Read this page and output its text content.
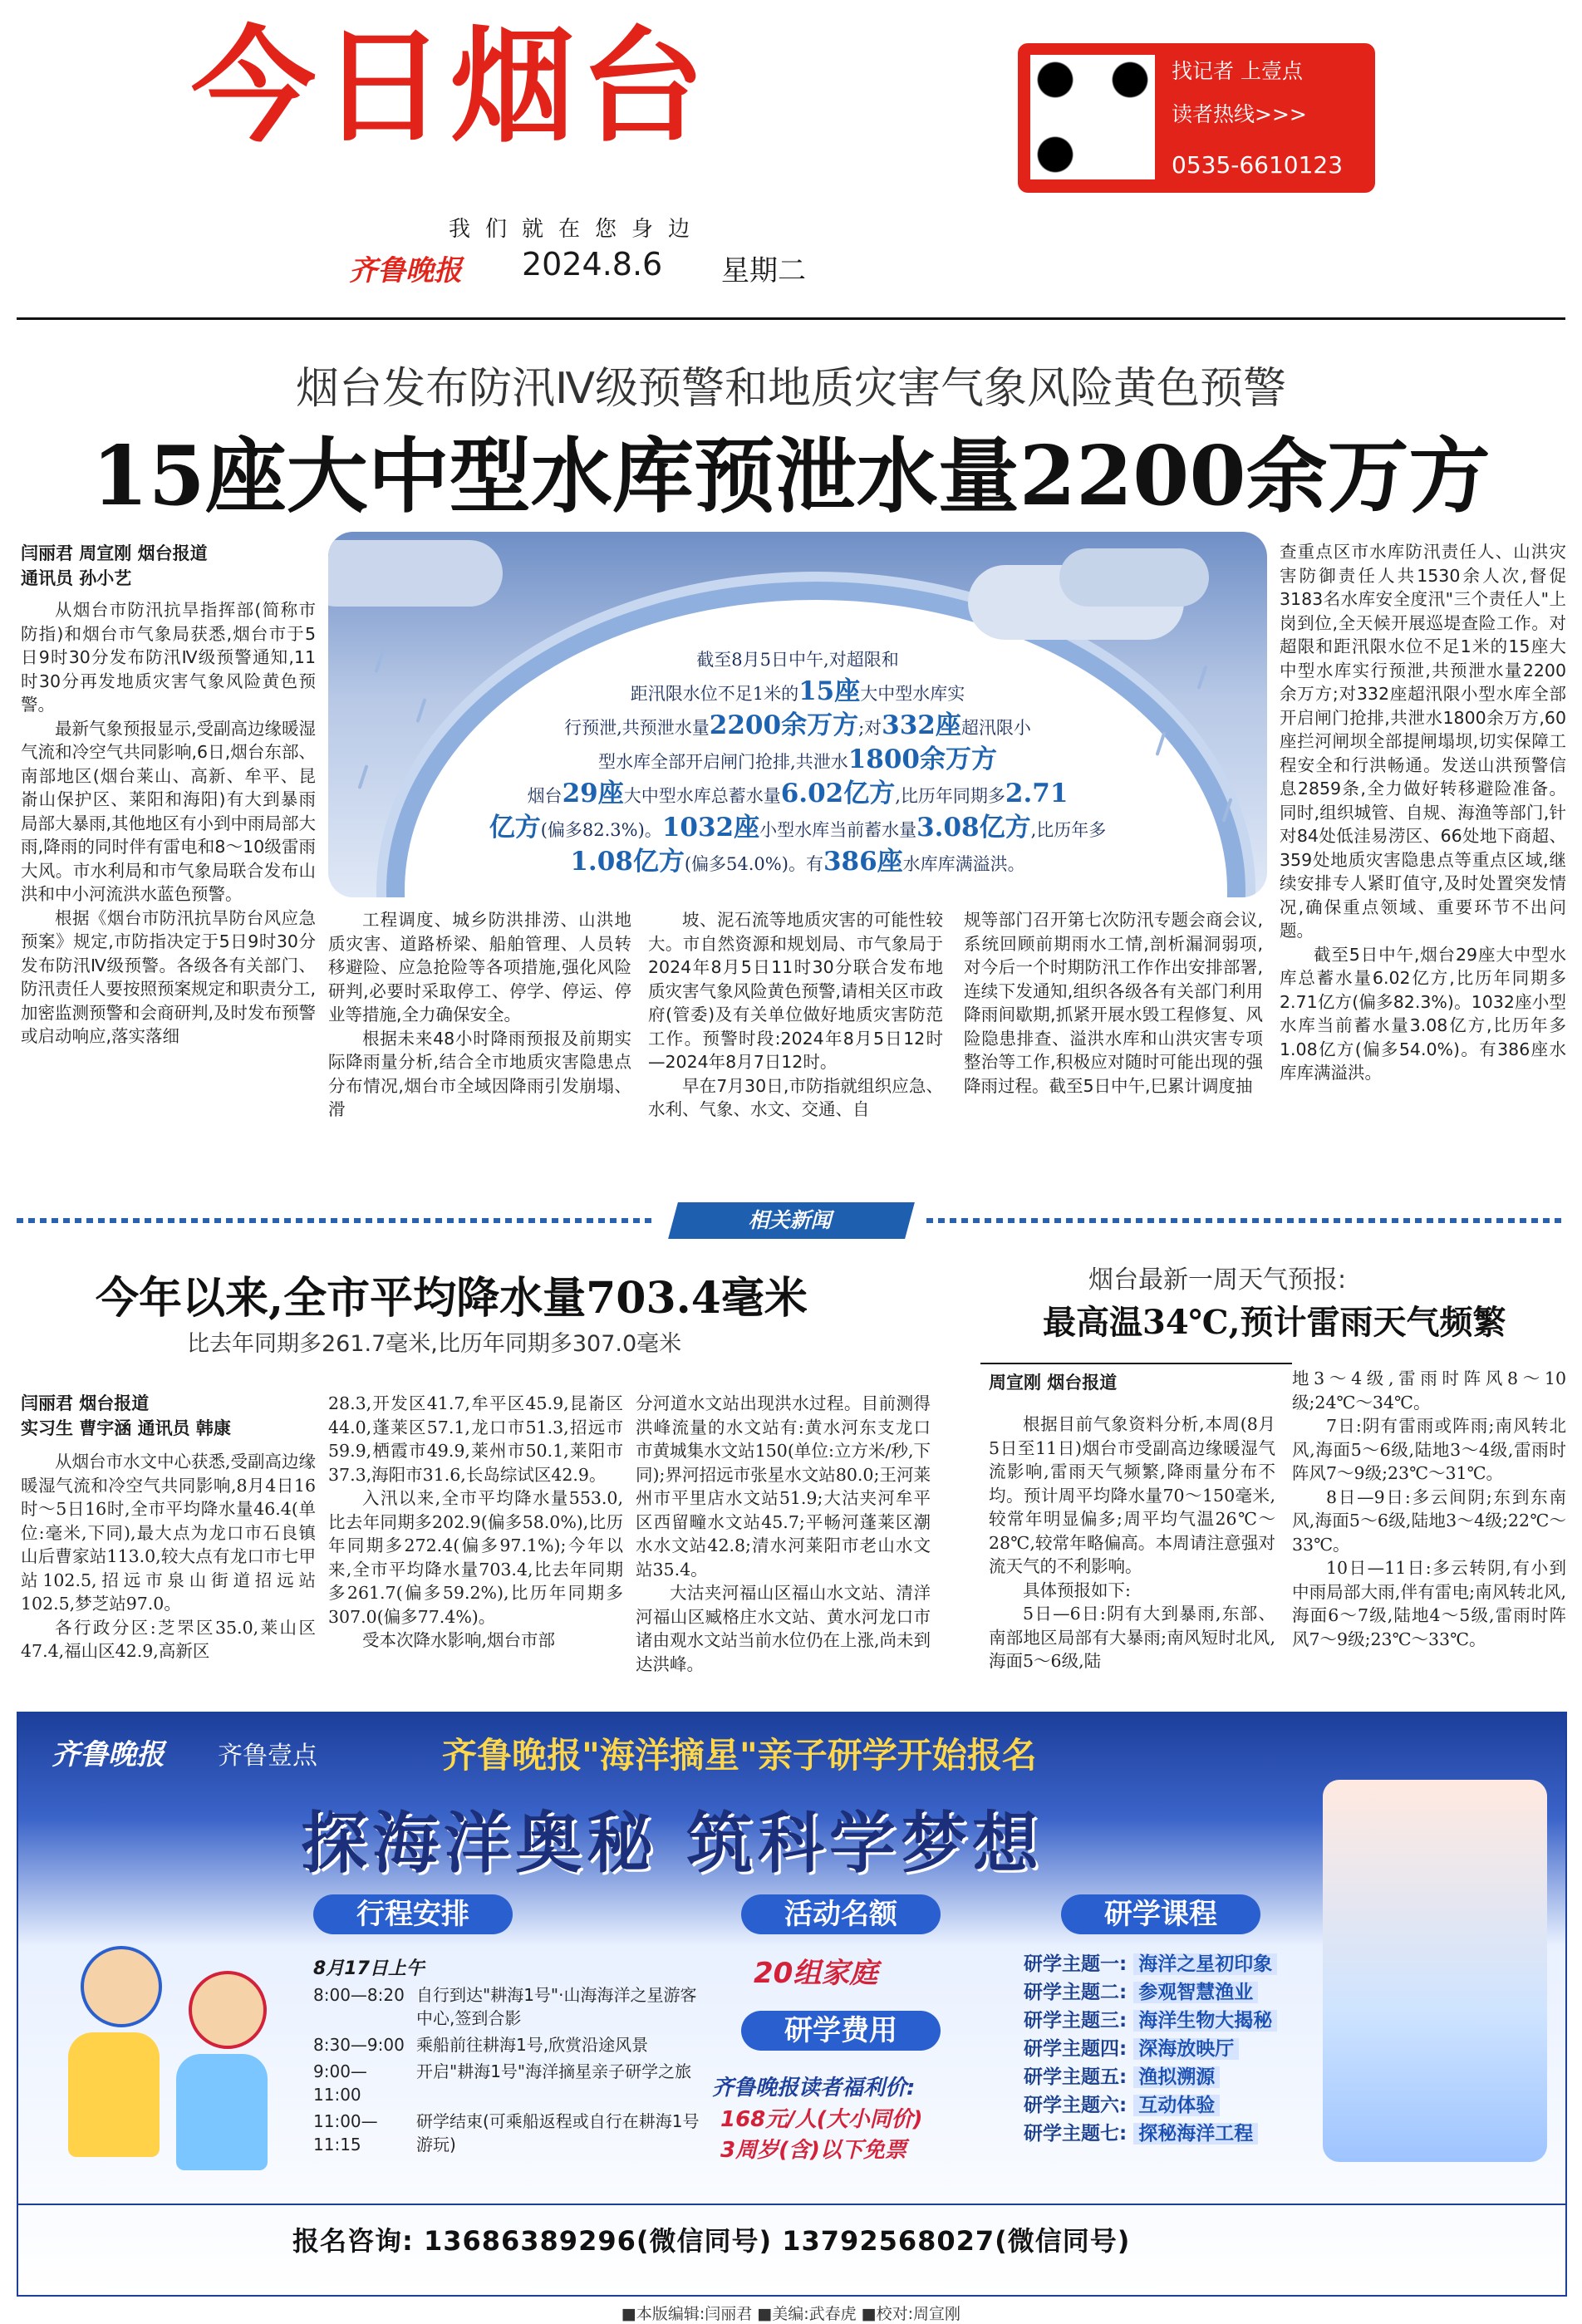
今日烟台
我们就在您身边
齐鲁晚报 2024.8.6 星期二
找记者 上壹点
读者热线>>>
0535-6610123
烟台发布防汛Ⅳ级预警和地质灾害气象风险黄色预警
15座大中型水库预泄水量2200余万方
闫丽君 周宣刚 烟台报道
通讯员 孙小艺

从烟台市防汛抗旱指挥部(简称市防指)和烟台市气象局获悉,烟台市于5日9时30分发布防汛Ⅳ级预警通知,11时30分再发地质灾害气象风险黄色预警。

最新气象预报显示,受副高边缘暖湿气流和冷空气共同影响,6日,烟台东部、南部地区(烟台莱山、高新、牟平、昆嵛山保护区、莱阳和海阳)有大到暴雨局部大暴雨,其他地区有小到中雨局部大雨,降雨的同时伴有雷电和8～10级雷雨大风。市水利局和市气象局联合发布山洪和中小河流洪水蓝色预警。

根据《烟台市防汛抗旱防台风应急预案》规定,市防指决定于5日9时30分发布防汛Ⅳ级预警。各级各有关部门、防汛责任人要按照预案规定和职责分工,加密监测预警和会商研判,及时发布预警或启动响应,落实落细

截至8月5日中午,对超限和
距汛限水位不足1米的15座大中型水库实
行预泄,共预泄水量2200余万方;对332座超汛限小
型水库全部开启闸门抢排,共泄水1800余万方
烟台29座大中型水库总蓄水量6.02亿方,比历年同期多2.71
亿方(偏多82.3%)。1032座小型水库当前蓄水量3.08亿方,比历年多
1.08亿方(偏多54.0%)。有386座水库库满溢洪。

工程调度、城乡防洪排涝、山洪地质灾害、道路桥梁、船舶管理、人员转移避险、应急抢险等各项措施,强化风险研判,必要时采取停工、停学、停运、停业等措施,全力确保安全。

根据未来48小时降雨预报及前期实际降雨量分析,结合全市地质灾害隐患点分布情况,烟台市全域因降雨引发崩塌、滑

坡、泥石流等地质灾害的可能性较大。市自然资源和规划局、市气象局于2024年8月5日11时30分联合发布地质灾害气象风险黄色预警,请相关区市政府(管委)及有关单位做好地质灾害防范工作。预警时段:2024年8月5日12时—2024年8月7日12时。

早在7月30日,市防指就组织应急、水利、气象、水文、交通、自

规等部门召开第七次防汛专题会商会议,系统回顾前期雨水工情,剖析漏洞弱项,对今后一个时期防汛工作作出安排部署,连续下发通知,组织各级各有关部门利用降雨间歇期,抓紧开展水毁工程修复、风险隐患排查、溢洪水库和山洪灾害专项整治等工作,积极应对随时可能出现的强降雨过程。截至5日中午,巳累计调度抽

查重点区市水库防汛责任人、山洪灾害防御责任人共1530余人次,督促3183名水库安全度汛"三个责任人"上岗到位,全天候开展巡堤查险工作。对超限和距汛限水位不足1米的15座大中型水库实行预泄,共预泄水量2200余万方;对332座超汛限小型水库全部开启闸门抢排,共泄水1800余万方,60座拦河闸坝全部提闸塌坝,切实保障工程安全和行洪畅通。发送山洪预警信息2859条,全力做好转移避险准备。同时,组织城管、自规、海渔等部门,针对84处低洼易涝区、66处地下商超、359处地质灾害隐患点等重点区域,继续安排专人紧盯值守,及时处置突发情况,确保重点领域、重要环节不出问题。

截至5日中午,烟台29座大中型水库总蓄水量6.02亿方,比历年同期多2.71亿方(偏多82.3%)。1032座小型水库当前蓄水量3.08亿方,比历年多1.08亿方(偏多54.0%)。有386座水库库满溢洪。

相关新闻
今年以来,全市平均降水量703.4毫米
比去年同期多261.7毫米,比历年同期多307.0毫米
闫丽君 烟台报道
实习生 曹宇涵 通讯员 韩康

从烟台市水文中心获悉,受副高边缘暖湿气流和冷空气共同影响,8月4日16时～5日16时,全市平均降水量46.4(单位:毫米,下同),最大点为龙口市石良镇山后曹家站113.0,较大点有龙口市七甲站102.5,招远市泉山街道招远站102.5,梦芝站97.0。

各行政分区:芝罘区35.0,莱山区47.4,福山区42.9,高新区

28.3,开发区41.7,牟平区45.9,昆嵛区44.0,蓬莱区57.1,龙口市51.3,招远市59.9,栖霞市49.9,莱州市50.1,莱阳市37.3,海阳市31.6,长岛综试区42.9。

入汛以来,全市平均降水量553.0,比去年同期多202.9(偏多58.0%),比历年同期多272.4(偏多97.1%);今年以来,全市平均降水量703.4,比去年同期多261.7(偏多59.2%),比历年同期多307.0(偏多77.4%)。

受本次降水影响,烟台市部

分河道水文站出现洪水过程。目前测得洪峰流量的水文站有:黄水河东支龙口市黄城集水文站150(单位:立方米/秒,下同);界河招远市张星水文站80.0;王河莱州市平里店水文站51.9;大沽夹河牟平区西留疃水文站45.7;平畅河蓬莱区潮水水文站42.8;清水河莱阳市老山水文站35.4。

大沽夹河福山区福山水文站、清洋河福山区臧格庄水文站、黄水河龙口市诸由观水文站当前水位仍在上涨,尚未到达洪峰。

烟台最新一周天气预报:
最高温34℃,预计雷雨天气频繁
周宣刚 烟台报道

根据目前气象资料分析,本周(8月5日至11日)烟台市受副高边缘暖湿气流影响,雷雨天气频繁,降雨量分布不均。预计周平均降水量70～150毫米,较常年明显偏多;周平均气温26℃～28℃,较常年略偏高。本周请注意强对流天气的不利影响。

具体预报如下:

5日—6日:阴有大到暴雨,东部、南部地区局部有大暴雨;南风短时北风,海面5～6级,陆

地3～4级,雷雨时阵风8～10级;24℃～34℃。

7日:阴有雷雨或阵雨;南风转北风,海面5～6级,陆地3～4级,雷雨时阵风7～9级;23℃～31℃。

8日—9日:多云间阴;东到东南风,海面5～6级,陆地3～4级;22℃～33℃。

10日—11日:多云转阴,有小到中雨局部大雨,伴有雷电;南风转北风,海面6～7级,陆地4～5级,雷雨时阵风7～9级;23℃～33℃。

齐鲁晚报 齐鲁壹点	齐鲁晚报"海洋摘星"亲子研学开始报名
探海洋奥秘 筑科学梦想
行程安排	活动名额	研学课程
8月17日上午
8:00—8:20 自行到达"耕海1号"·山海海洋之星游客中心,签到合影
8:30—9:00 乘船前往耕海1号,欣赏沿途风景
9:00—11:00
开启"耕海1号"海洋摘星亲子研学之旅
11:00—11:15
研学结束(可乘船返程或自行在耕海1号游玩)
20组家庭
研学费用
齐鲁晚报读者福利价:
168元/人(大小同价)
3周岁(含)以下免票
研学主题一: 海洋之星初印象
研学主题二: 参观智慧渔业
研学主题三: 海洋生物大揭秘
研学主题四: 深海放映厅
研学主题五: 渔拟溯源
研学主题六: 互动体验
研学主题七: 探秘海洋工程
报名咨询: 13686389296(微信同号) 13792568027(微信同号)
■本版编辑:闫丽君 ■美编:武春虎 ■校对:周宣刚
